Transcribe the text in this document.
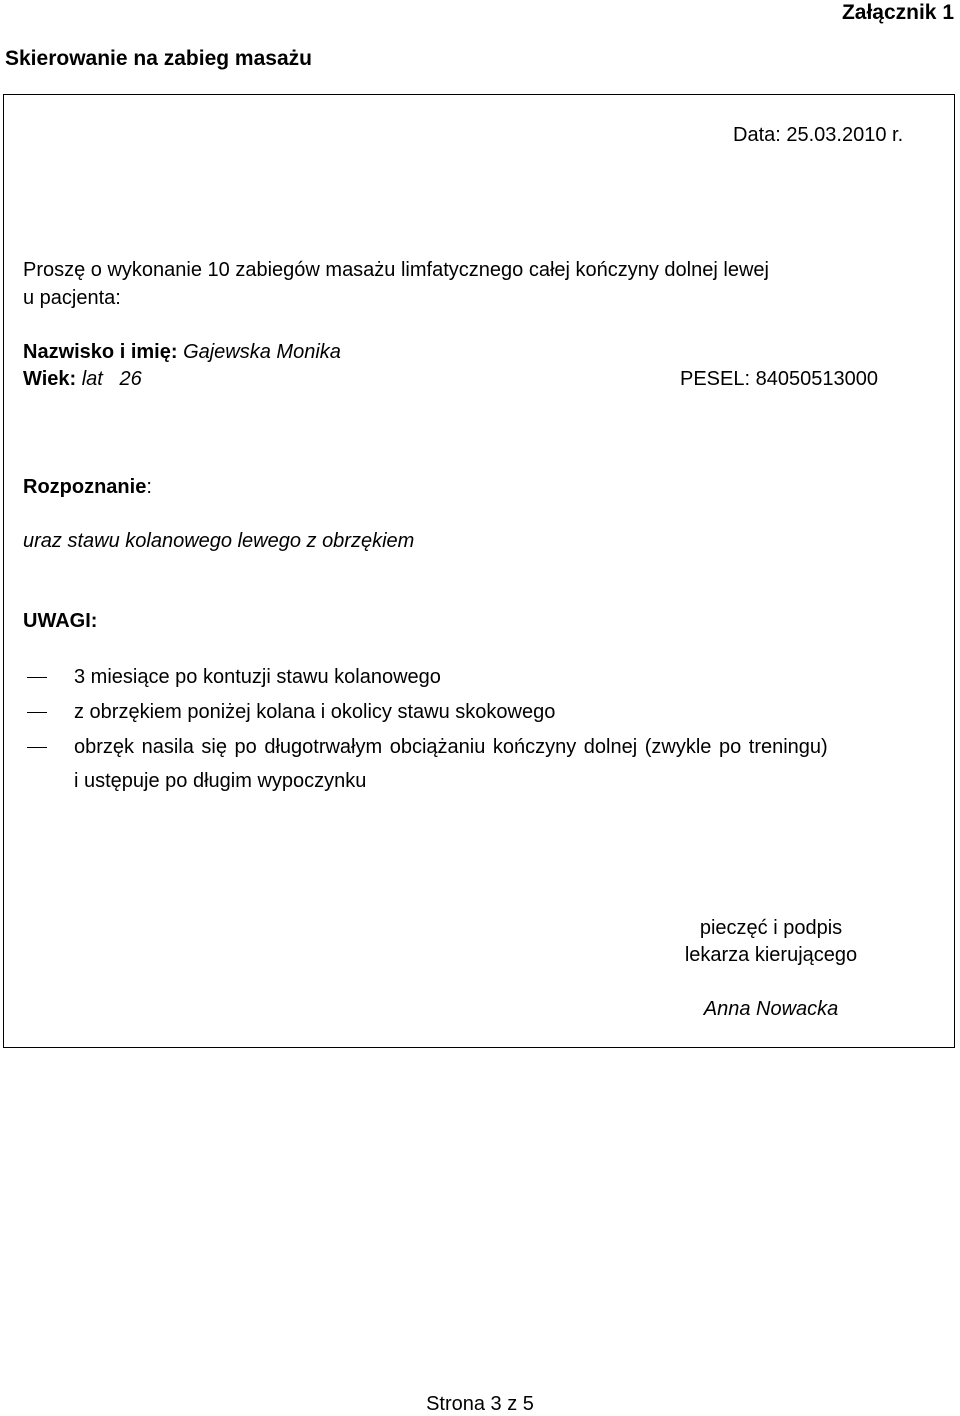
Załącznik 1
Skierowanie na zabieg masażu
Data: 25.03.2010 r.
Proszę o wykonanie 10 zabiegów masażu limfatycznego całej kończyny dolnej lewej
u pacjenta:
Nazwisko i imię: Gajewska Monika
Wiek: lat   26	PESEL: 84050513000
Rozpoznanie:
uraz stawu kolanowego lewego z obrzękiem
UWAGI:
3 miesiące po kontuzji stawu kolanowego
z obrzękiem poniżej kolana i okolicy stawu skokowego
obrzęk nasila się po długotrwałym obciążaniu kończyny dolnej (zwykle po treningu)
i ustępuje po długim wypoczynku
pieczęć i podpis
lekarza kierującego
Anna Nowacka
Strona 3 z 5
